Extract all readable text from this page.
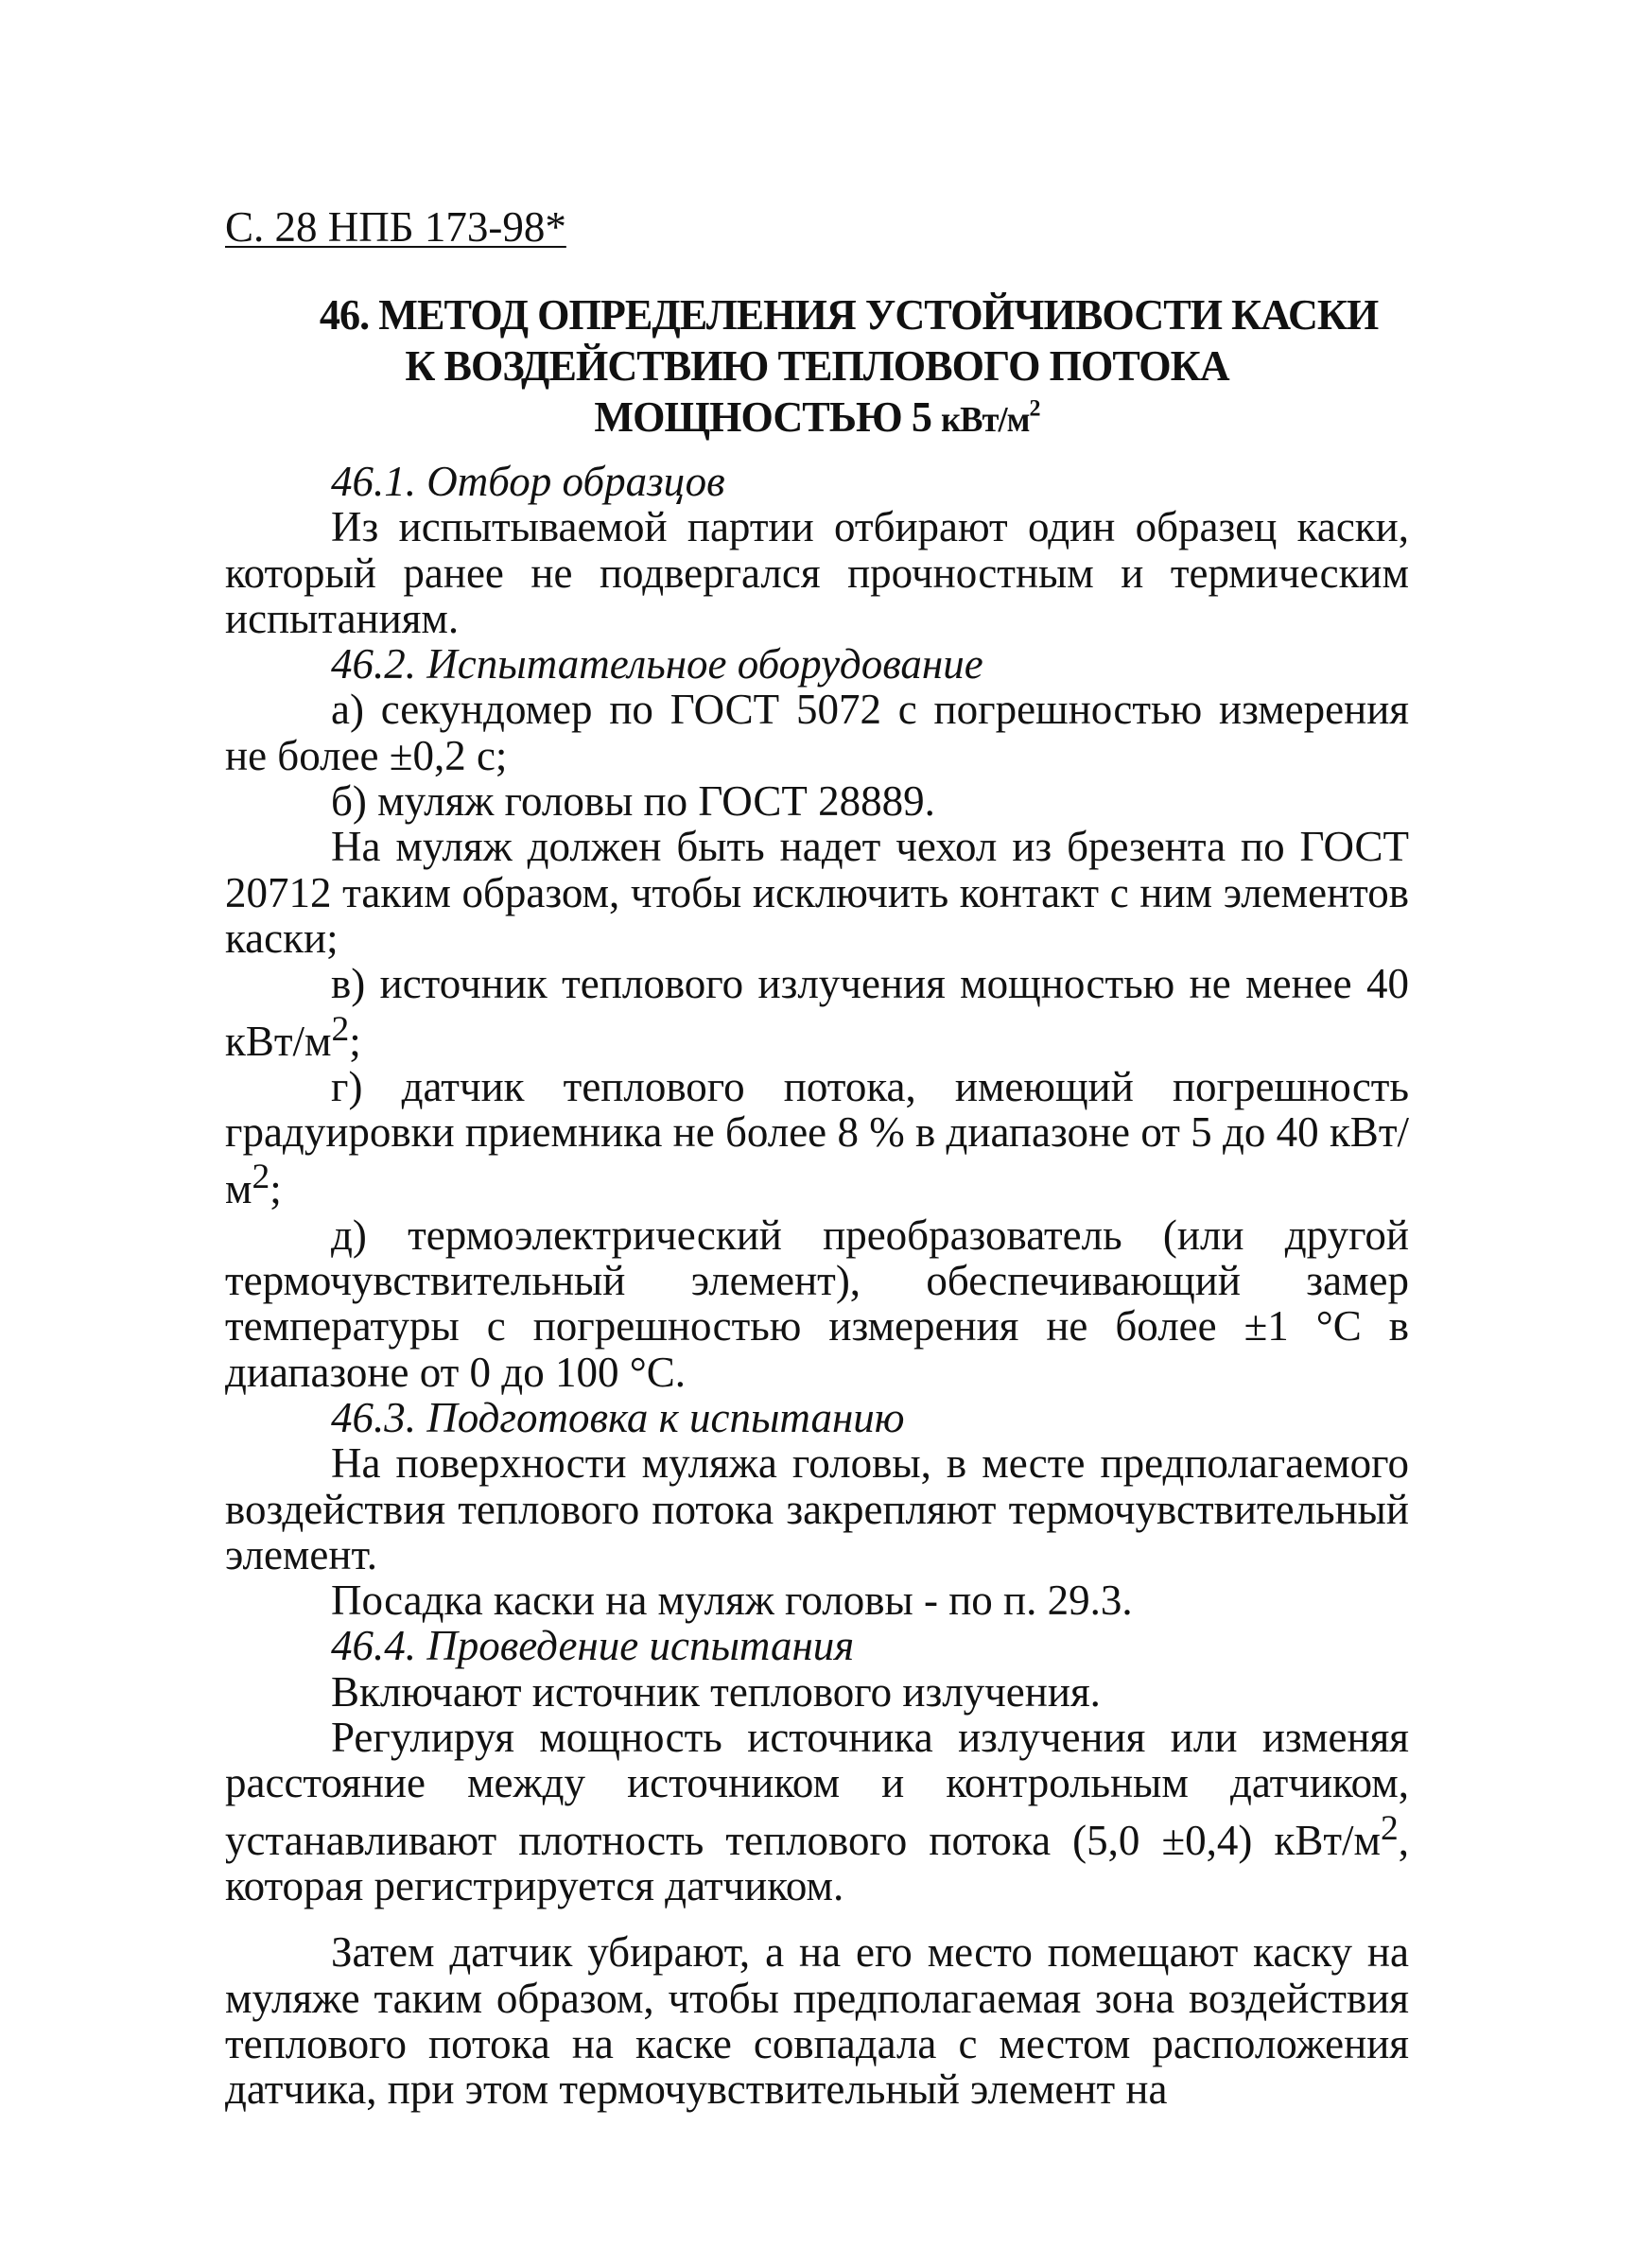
С. 28 НПБ 173-98*
46. МЕТОД ОПРЕДЕЛЕНИЯ УСТОЙЧИВОСТИ КАСКИ
К ВОЗДЕЙСТВИЮ ТЕПЛОВОГО ПОТОКА
МОЩНОСТЬЮ 5 кВт/$м^2$

46.1. Отбор образцов

Из испытываемой партии отбирают один образец каски, который ранее не подвергался прочностным и термическим испытаниям.

46.2. Испытательное оборудование

а) секундомер по ГОСТ 5072 с погрешностью измерения не более ±0,2 с;

б) муляж головы по ГОСТ 28889.

На муляж должен быть надет чехол из брезента по ГОСТ 20712 таким образом, чтобы исключить контакт с ним элементов каски;

в) источник теплового излучения мощностью не менее 40 кВт/$м^2$;

г) датчик теплового потока, имеющий погрешность градуировки приемника не более 8 % в диапазоне от 5 до 40 кВт/$м^2$;

д) термоэлектрический преобразователь (или другой термочувствительный элемент), обеспечивающий замер температуры с погрешностью измерения не более ±1 °С в диапазоне от 0 до 100 °С.

46.3. Подготовка к испытанию

На поверхности муляжа головы, в месте предполагаемого воздействия теплового потока закрепляют термочувствительный элемент.

Посадка каски на муляж головы - по п. 29.3.

46.4. Проведение испытания

Включают источник теплового излучения.

Регулируя мощность источника излучения или изменяя расстояние между источником и контрольным датчиком, устанавливают плотность теплового потока (5,0 ±0,4) кВт/$м^2$, которая регистрируется датчиком.

Затем датчик убирают, а на его место помещают каску на муляже таким образом, чтобы предполагаемая зона воздействия теплового потока на каске совпадала с местом расположения датчика, при этом термочувствительный элемент на
